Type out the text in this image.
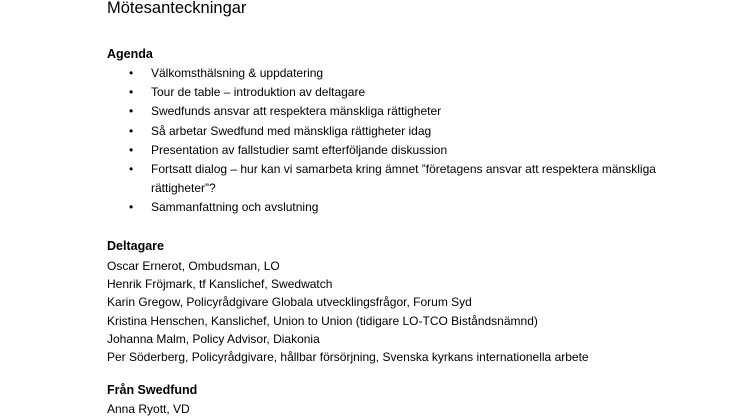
Mötesanteckningar
Agenda
• Välkomsthälsning & uppdatering
• Tour de table – introduktion av deltagare
• Swedfunds ansvar att respektera mänskliga rättigheter
• Så arbetar Swedfund med mänskliga rättigheter idag
• Presentation av fallstudier samt efterföljande diskussion
• Fortsatt dialog – hur kan vi samarbeta kring ämnet ”företagens ansvar att respektera mänskliga rättigheter”?
• Sammanfattning och avslutning
Deltagare
Oscar Ernerot, Ombudsman, LO
Henrik Fröjmark, tf Kanslichef, Swedwatch
Karin Gregow, Policyrådgivare Globala utvecklingsfrågor, Forum Syd
Kristina Henschen, Kanslichef, Union to Union (tidigare LO-TCO Biståndsnämnd)
Johanna Malm, Policy Advisor, Diakonia
Per Söderberg, Policyrådgivare, hållbar försörjning, Svenska kyrkans internationella arbete
Från Swedfund
Anna Ryott, VD
